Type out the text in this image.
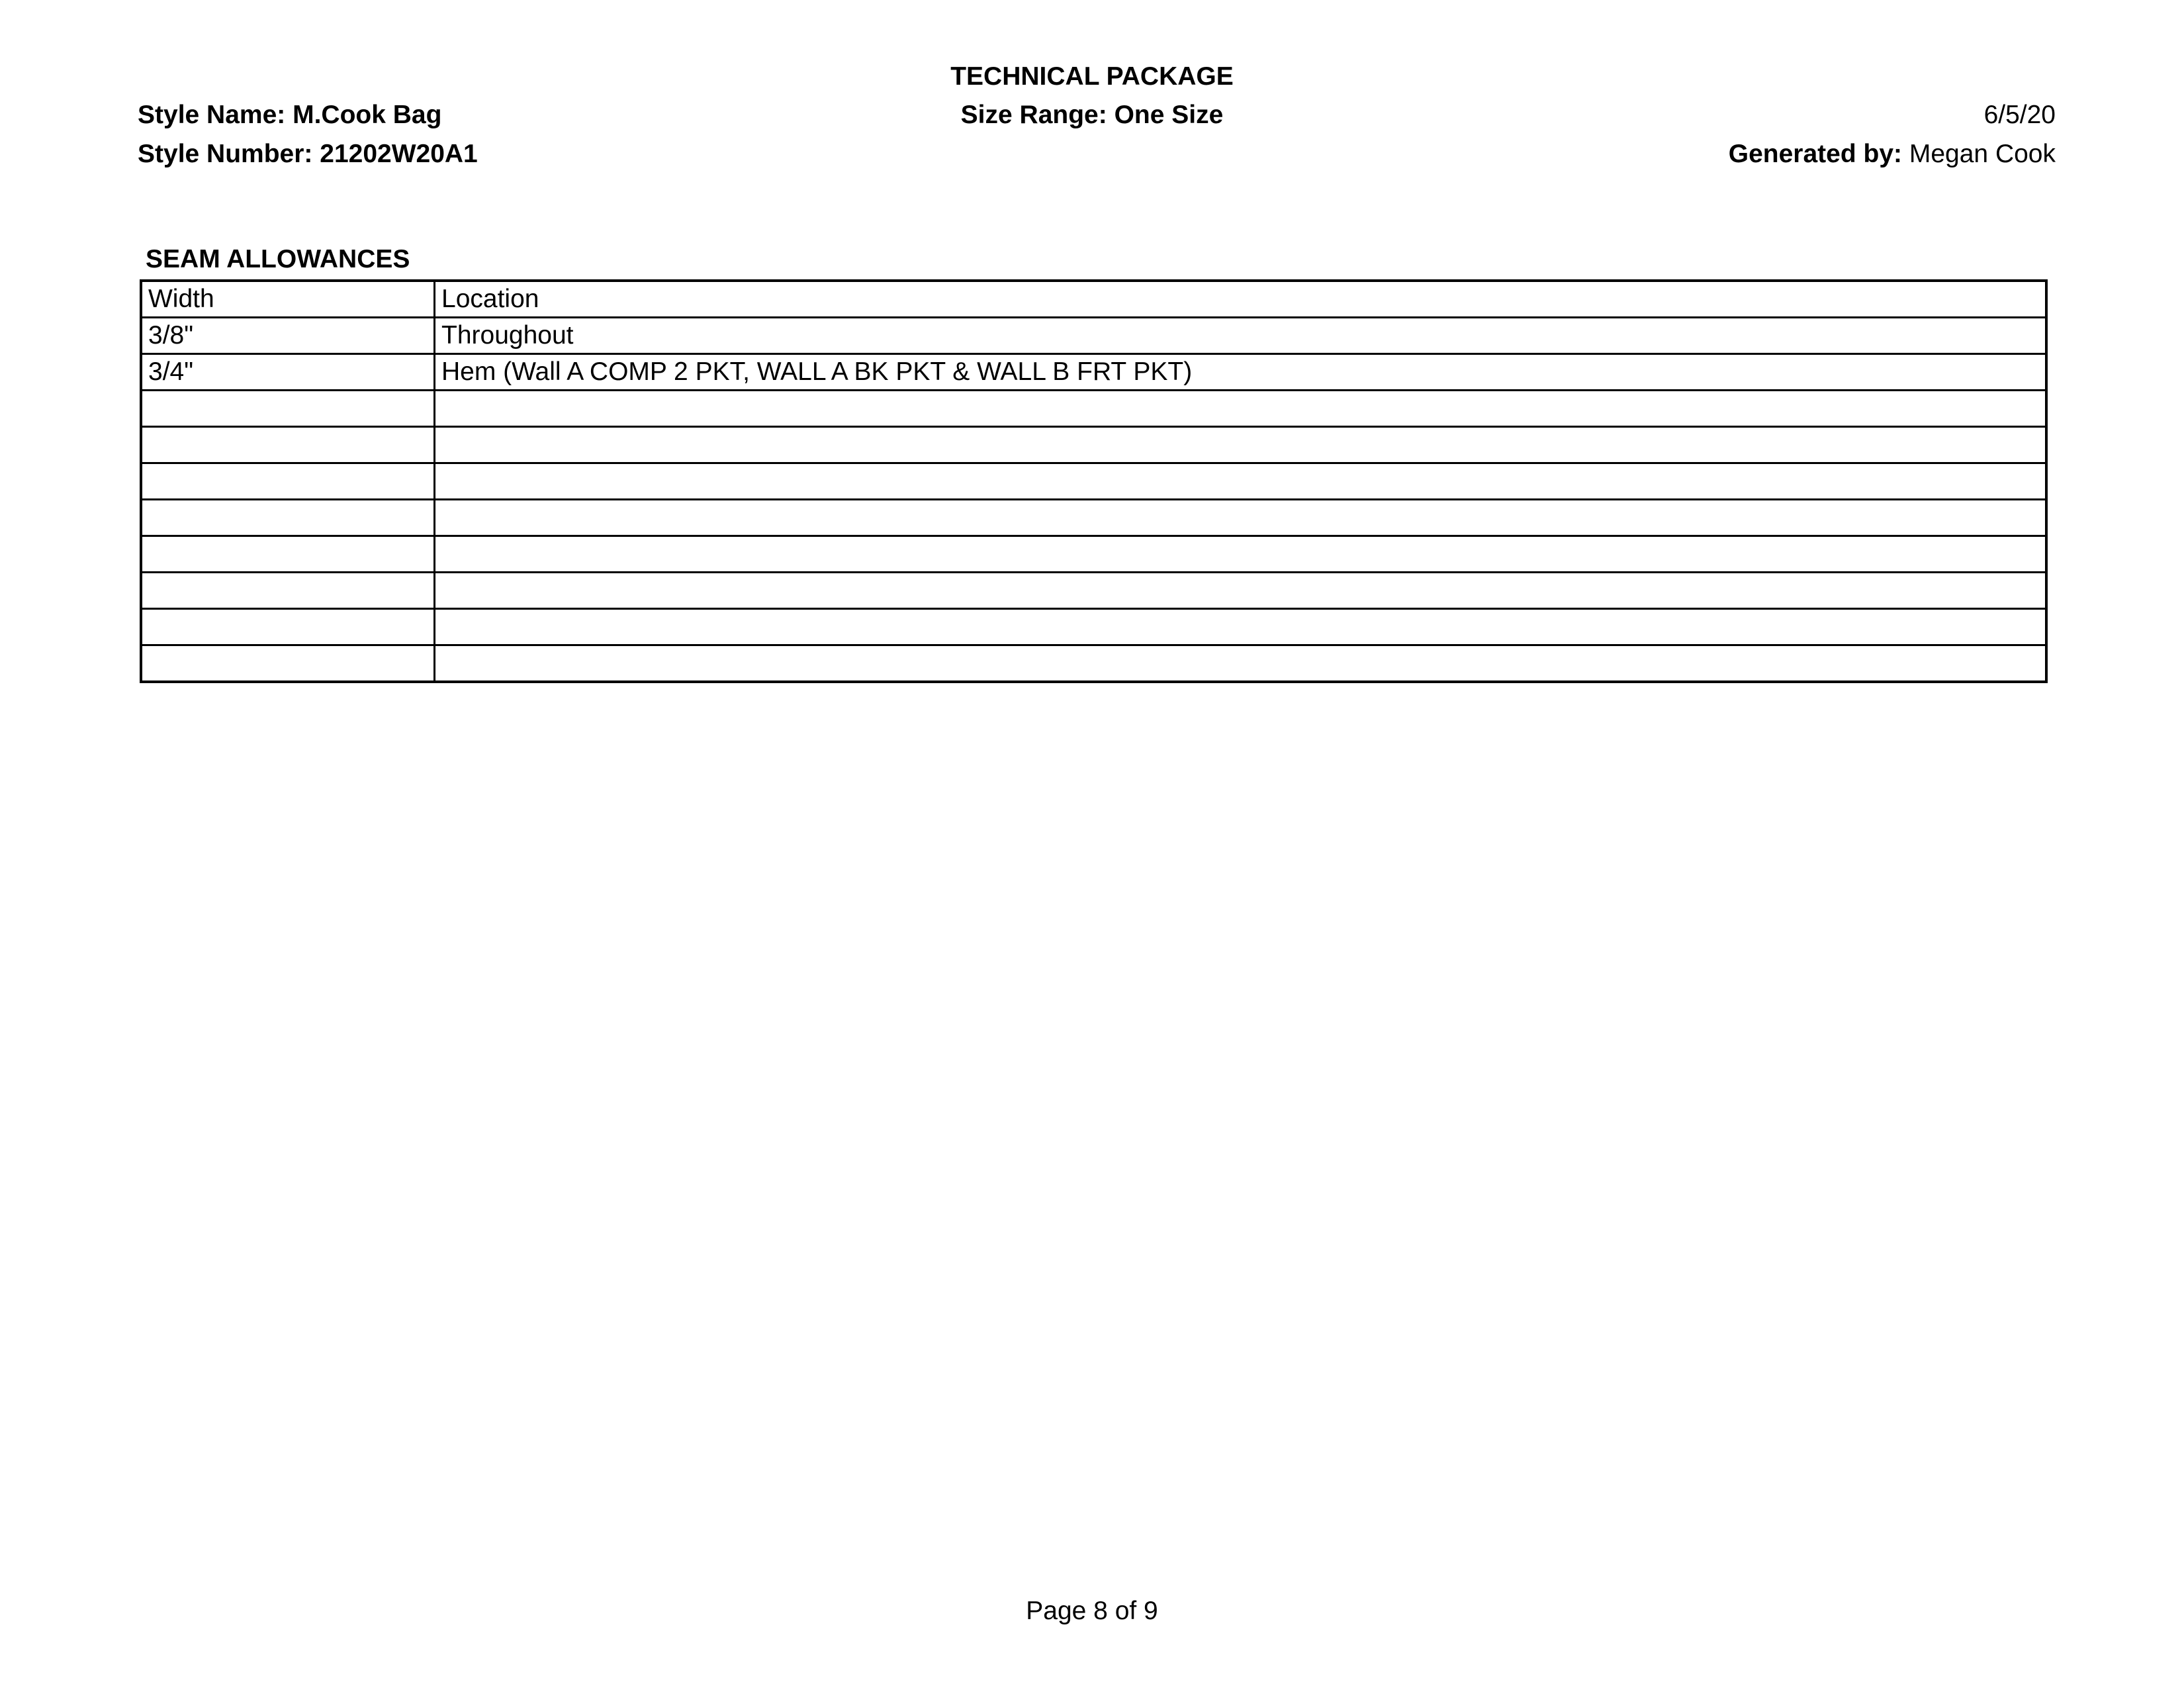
TECHNICAL PACKAGE
Style Name: M.Cook Bag	Size Range: One Size	6/5/20
Style Number: 21202W20A1	Generated by: Megan Cook
SEAM ALLOWANCES
Width	Location
3/8"	Throughout
3/4"	Hem (Wall A COMP 2 PKT, WALL A BK PKT & WALL B FRT PKT)

Page 8 of 9
